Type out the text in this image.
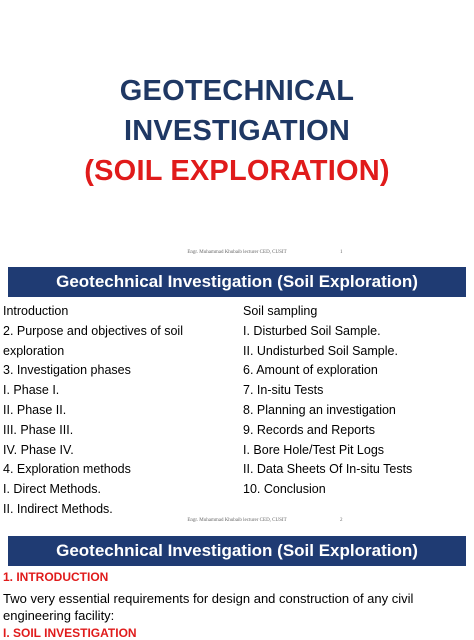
GEOTECHNICAL
INVESTIGATION
(SOIL EXPLORATION)
Engr. Muhammad Khubaib lecturer CED, CUSIT	1
Geotechnical Investigation (Soil Exploration)
Introduction
2. Purpose and objectives of soil exploration
3. Investigation phases
I. Phase I.
II. Phase II.
III. Phase III.
IV. Phase IV.
4. Exploration methods
I. Direct Methods.
II. Indirect Methods.
Soil sampling
I. Disturbed Soil Sample.
II. Undisturbed Soil Sample.
6. Amount of exploration
7. In-situ Tests
8. Planning an investigation
9. Records and Reports
I. Bore Hole/Test Pit Logs
II. Data Sheets Of In-situ Tests
10. Conclusion
Engr. Muhammad Khubaib lecturer CED, CUSIT	2
Geotechnical Investigation (Soil Exploration)
1. INTRODUCTION
Two very essential requirements for design and construction of any civil engineering facility:
I. SOIL INVESTIGATION
